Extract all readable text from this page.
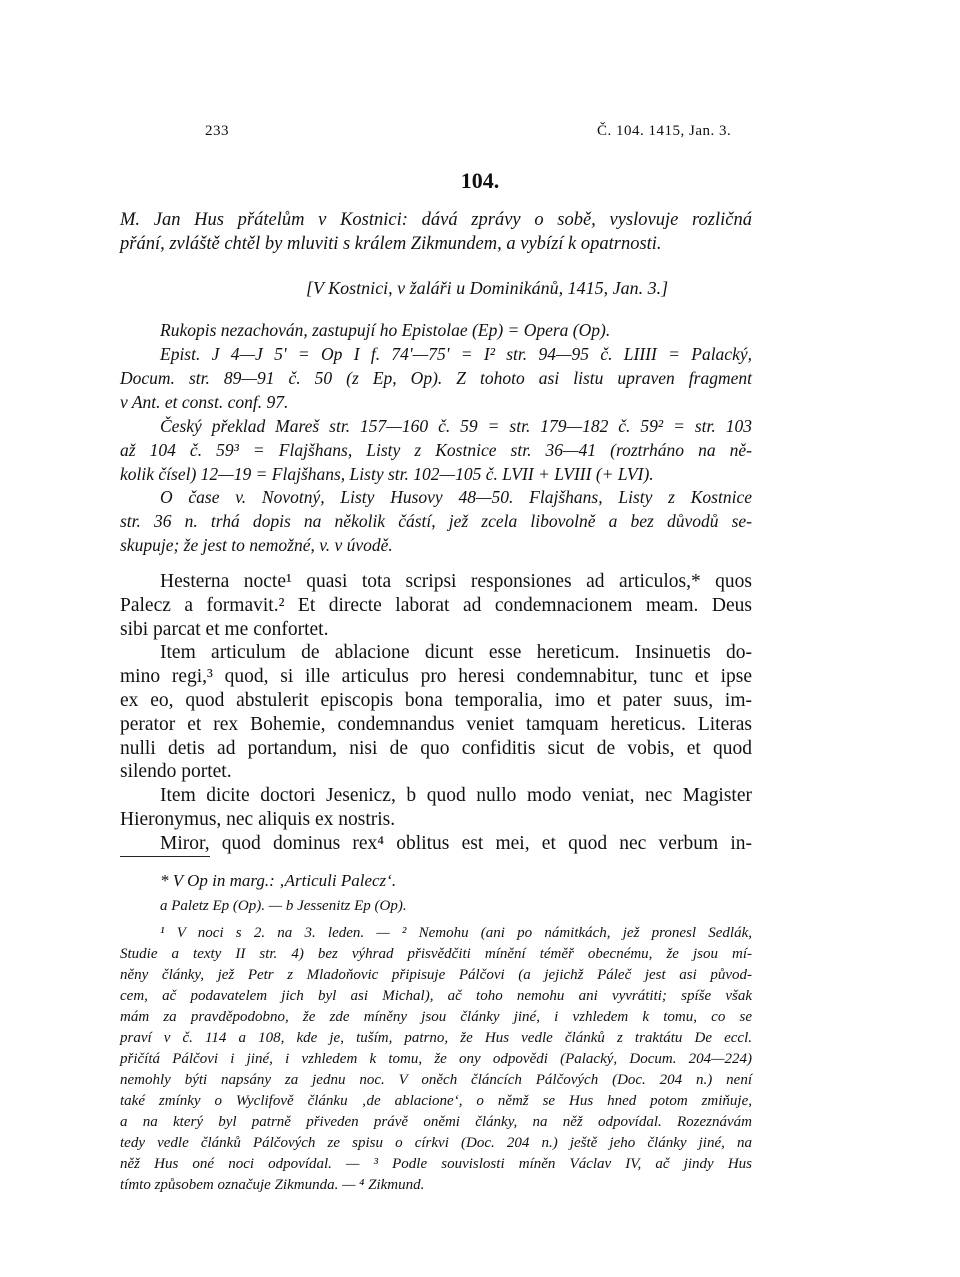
233	Č. 104. 1415, Jan. 3.
104.
M. Jan Hus přátelům v Kostnici: dává zprávy o sobě, vyslovuje rozličná
přání, zvláště chtěl by mluviti s králem Zikmundem, a vybízí k opatrnosti.
[V Kostnici, v žaláři u Dominikánů, 1415, Jan. 3.]
Rukopis nezachován, zastupují ho Epistolae (Ep) = Opera (Op).
Epist. J 4—J 5' = Op I f. 74'—75' = I² str. 94—95 č. LIIII = Palacký,
Docum. str. 89—91 č. 50 (z Ep, Op). Z tohoto asi listu upraven fragment
v Ant. et const. conf. 97.
Český překlad Mareš str. 157—160 č. 59 = str. 179—182 č. 59² = str. 103
až 104 č. 59³ = Flajšhans, Listy z Kostnice str. 36—41 (roztrháno na ně-
kolik čísel) 12—19 = Flajšhans, Listy str. 102—105 č. LVII + LVIII (+ LVI).
O čase v. Novotný, Listy Husovy 48—50. Flajšhans, Listy z Kostnice
str. 36 n. trhá dopis na několik částí, jež zcela libovolně a bez důvodů se-
skupuje; že jest to nemožné, v. v úvodě.
Hesterna nocte¹ quasi tota scripsi responsiones ad articulos,* quos
Palecz a formavit.² Et directe laborat ad condemnacionem meam. Deus
sibi parcat et me confortet.
Item articulum de ablacione dicunt esse hereticum. Insinuetis do-
mino regi,³ quod, si ille articulus pro heresi condemnabitur, tunc et ipse
ex eo, quod abstulerit episcopis bona temporalia, imo et pater suus, im-
perator et rex Bohemie, condemnandus veniet tamquam hereticus. Literas
nulli detis ad portandum, nisi de quo confiditis sicut de vobis, et quod
silendo portet.
Item dicite doctori Jesenicz, b quod nullo modo veniat, nec Magister
Hieronymus, nec aliquis ex nostris.
Miror, quod dominus rex⁴ oblitus est mei, et quod nec verbum in-
* V Op in marg.: ‚Articuli Palecz‘.
a Paletz Ep (Op). — b Jessenitz Ep (Op).
¹ V noci s 2. na 3. leden. — ² Nemohu (ani po námitkách, jež pronesl Sedlák,
Studie a texty II str. 4) bez výhrad přisvědčiti mínění téměř obecnému, že jsou mí-
něny články, jež Petr z Mladoňovic připisuje Pálčovi (a jejichž Páleč jest asi původ-
cem, ač podavatelem jich byl asi Michal), ač toho nemohu ani vyvrátiti; spíše však
mám za pravděpodobno, že zde míněny jsou články jiné, i vzhledem k tomu, co se
praví v č. 114 a 108, kde je, tuším, patrno, že Hus vedle článků z traktátu De eccl.
přičítá Pálčovi i jiné, i vzhledem k tomu, že ony odpovědi (Palacký, Docum. 204—224)
nemohly býti napsány za jednu noc. V oněch článcích Pálčových (Doc. 204 n.) není
také zmínky o Wyclifově článku ‚de ablacione‘, o němž se Hus hned potom zmiňuje,
a na který byl patrně přiveden právě oněmi články, na něž odpovídal. Rozeznávám
tedy vedle článků Pálčových ze spisu o církvi (Doc. 204 n.) ještě jeho články jiné, na
něž Hus oné noci odpovídal. — ³ Podle souvislosti míněn Václav IV, ač jindy Hus
tímto způsobem označuje Zikmunda. — ⁴ Zikmund.
